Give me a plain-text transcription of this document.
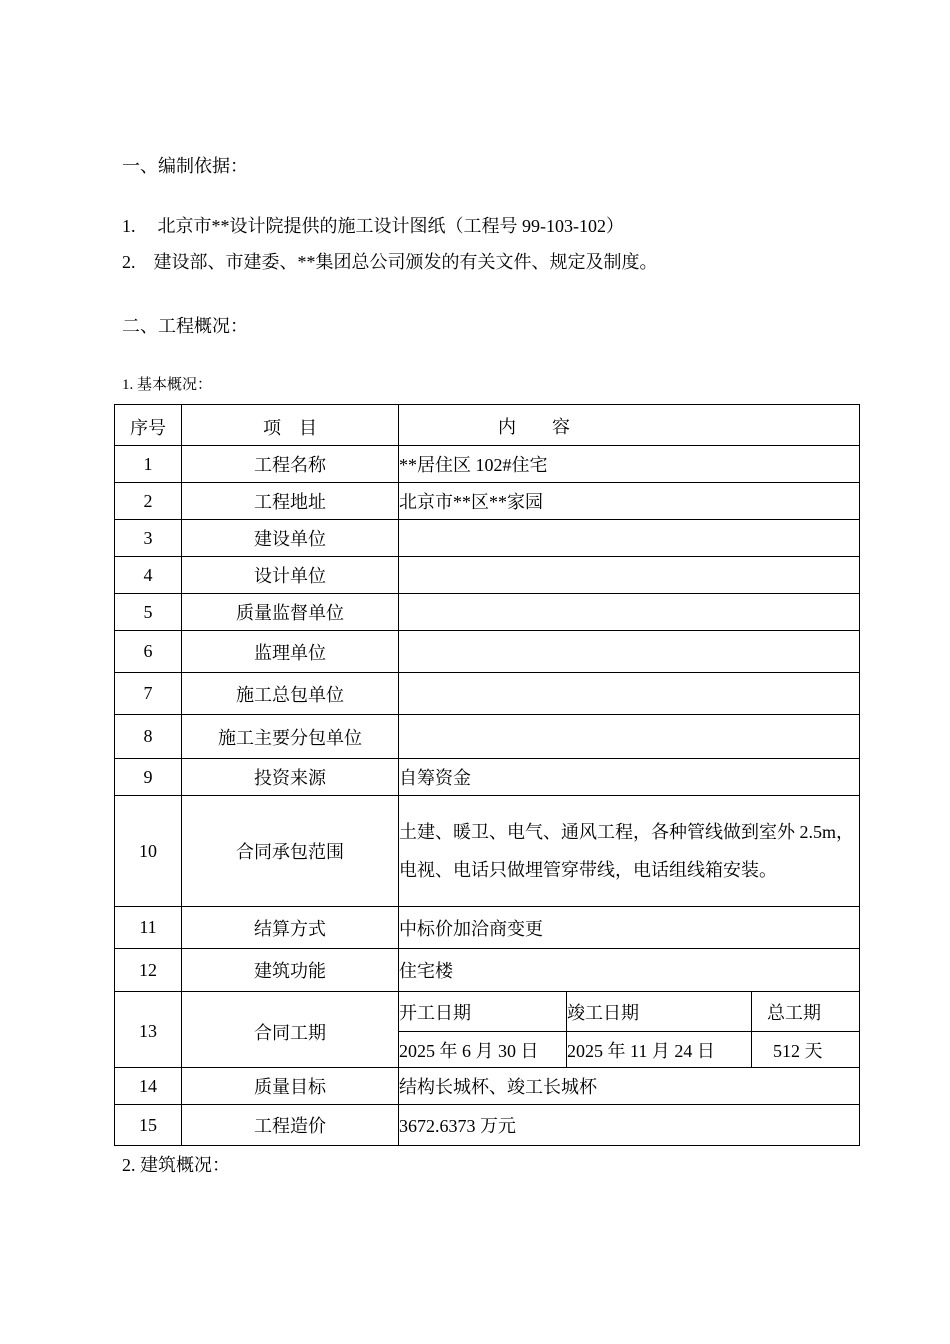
一、编制依据：
1. 北京市**设计院提供的施工设计图纸（工程号 99-103-102）
2. 建设部、市建委、**集团总公司颁发的有关文件、规定及制度。
二、工程概况：
1. 基本概况：
序号	项　目	内　　容		
1	工程名称	**居住区 102#住宅		
2	工程地址	北京市**区**家园		
3	建设单位			
4	设计单位			
5	质量监督单位			
6	监理单位			
7	施工总包单位			
8	施工主要分包单位			
9	投资来源	自筹资金		
10	合同承包范围	土建、暖卫、电气、通风工程，各种管线做到室外 2.5m，电视、电话只做埋管穿带线，电话组线箱安装。		
11	结算方式	中标价加洽商变更		
12	建筑功能	住宅楼		
13	合同工期	开工日期	竣工日期	总工期
		2025 年 6 月 30 日	2025 年 11 月 24 日	512 天
14	质量目标	结构长城杯、竣工长城杯		
15	工程造价	3672.6373 万元		
2. 建筑概况：
